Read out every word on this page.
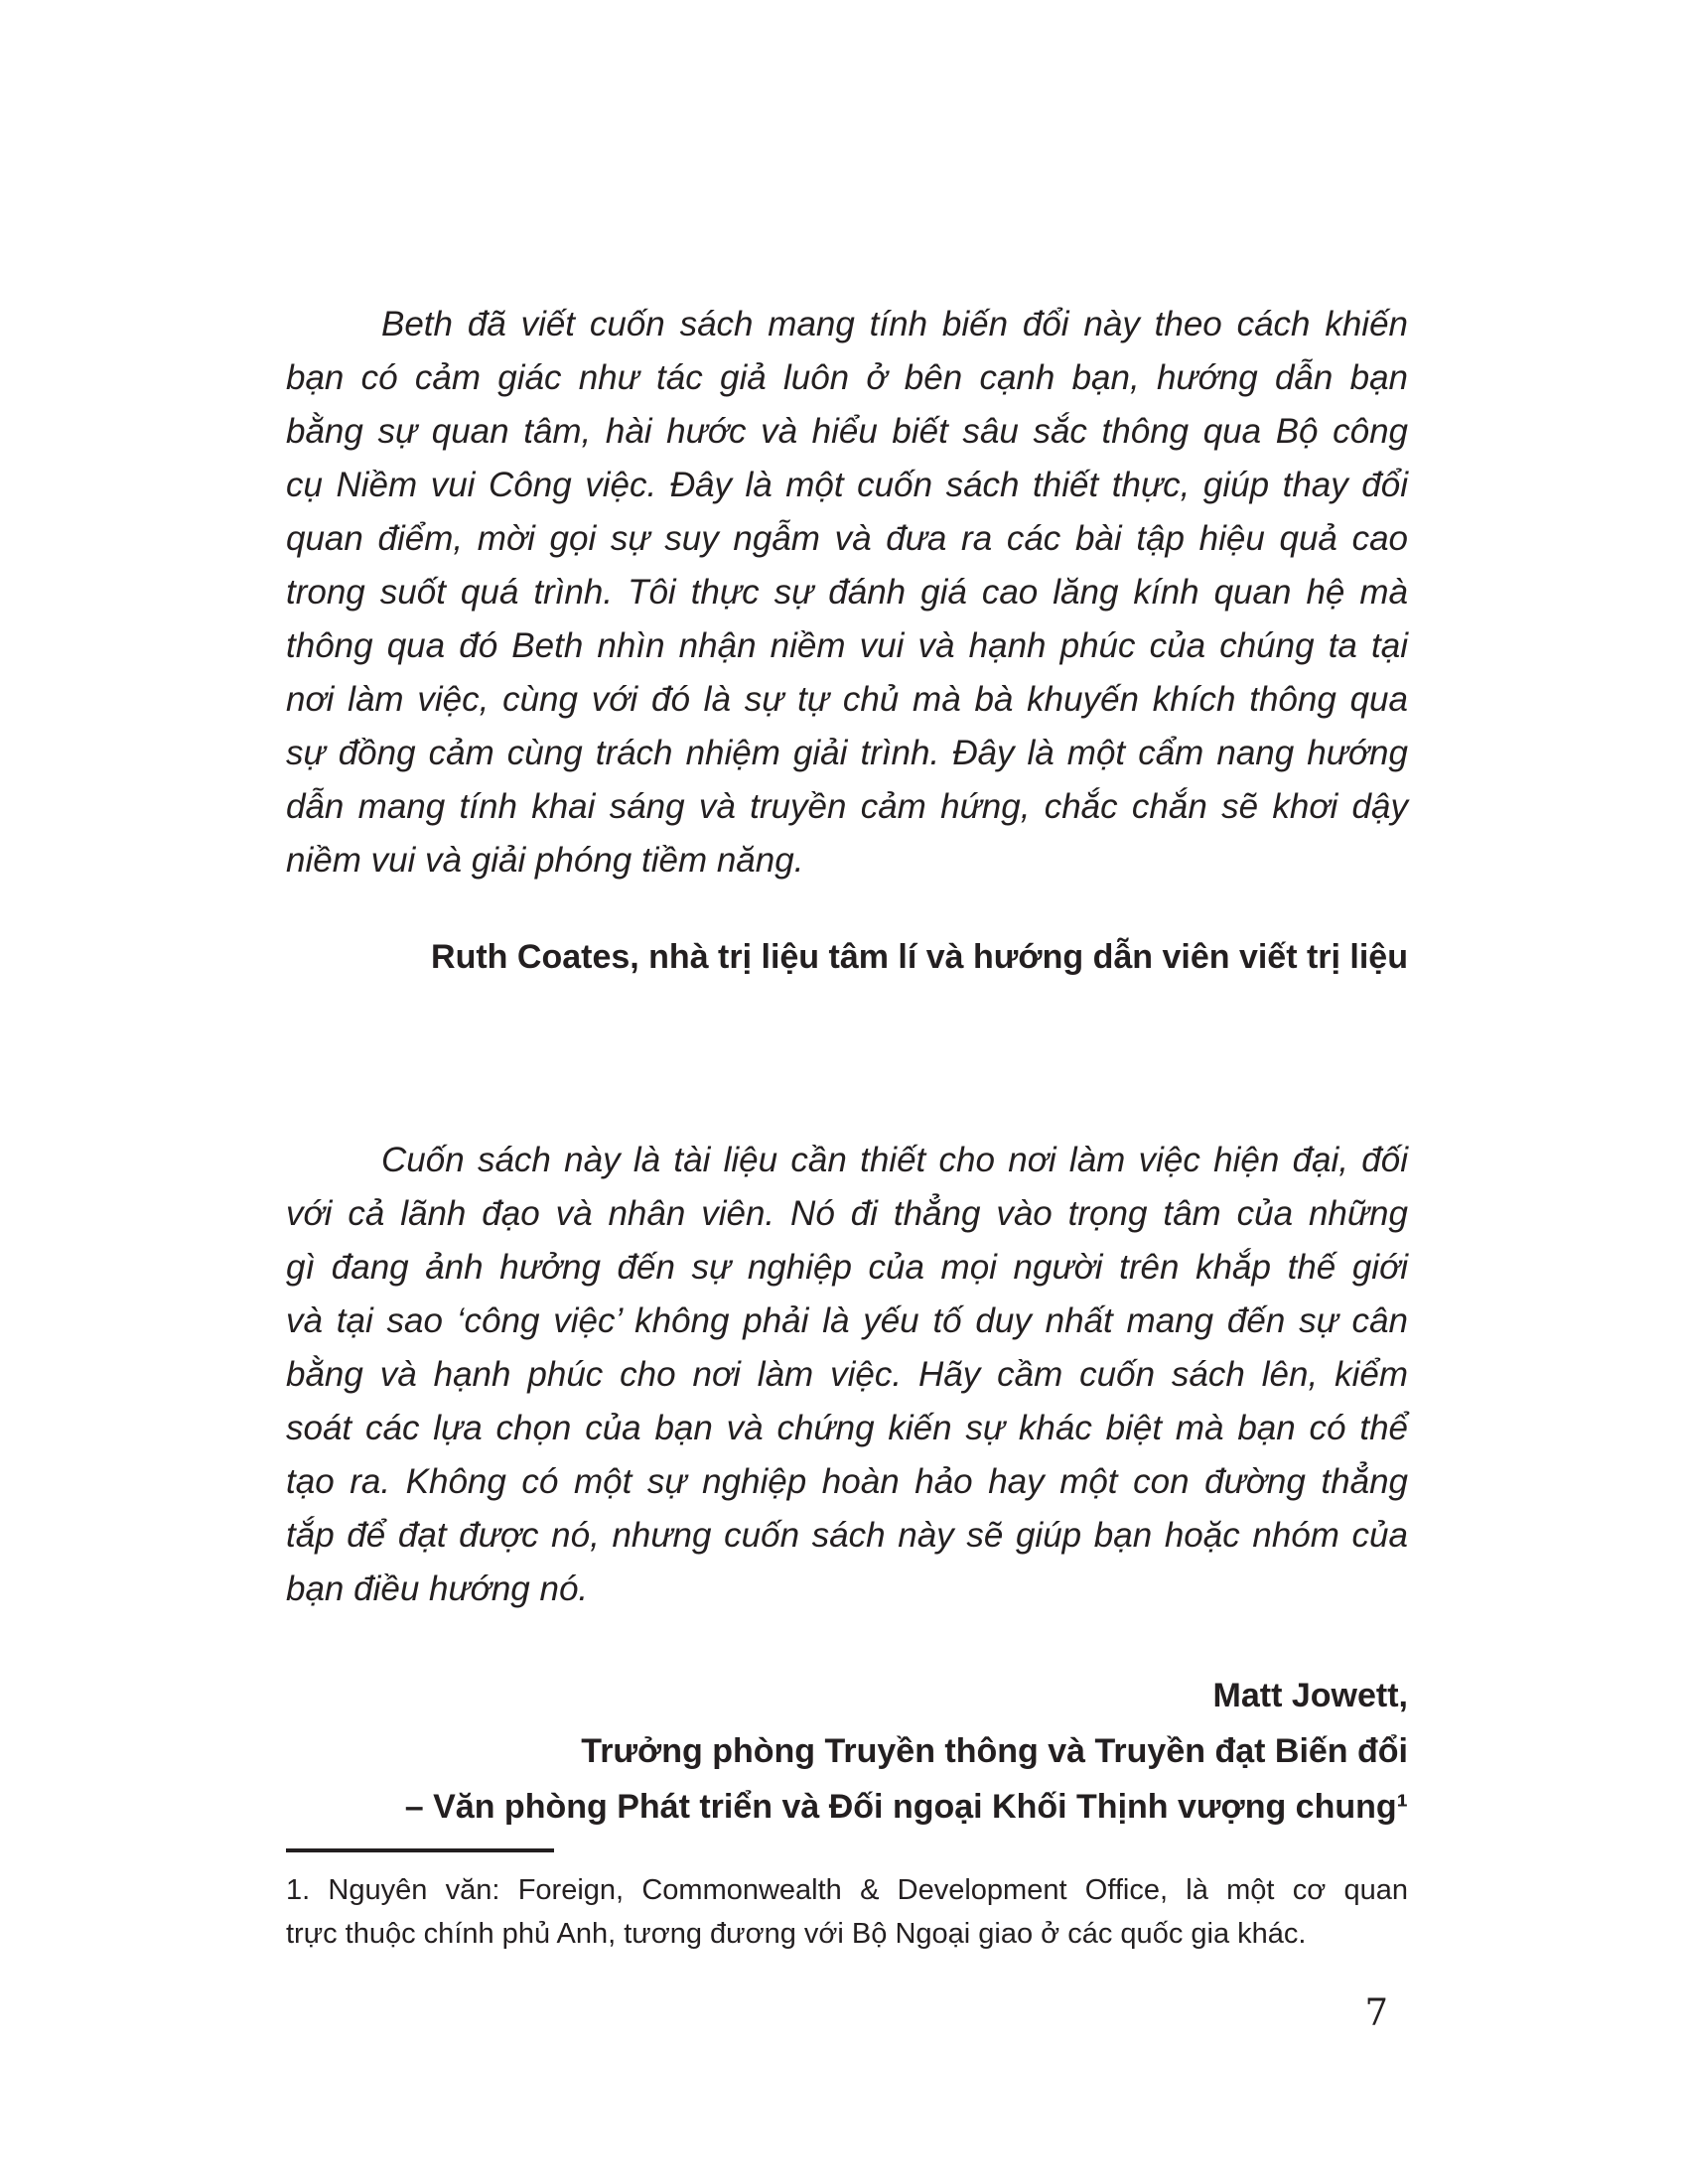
Beth đã viết cuốn sách mang tính biến đổi này theo cách khiến
bạn có cảm giác như tác giả luôn ở bên cạnh bạn, hướng dẫn bạn
bằng sự quan tâm, hài hước và hiểu biết sâu sắc thông qua Bộ công
cụ Niềm vui Công việc. Đây là một cuốn sách thiết thực, giúp thay đổi
quan điểm, mời gọi sự suy ngẫm và đưa ra các bài tập hiệu quả cao
trong suốt quá trình. Tôi thực sự đánh giá cao lăng kính quan hệ mà
thông qua đó Beth nhìn nhận niềm vui và hạnh phúc của chúng ta tại
nơi làm việc, cùng với đó là sự tự chủ mà bà khuyến khích thông qua
sự đồng cảm cùng trách nhiệm giải trình. Đây là một cẩm nang hướng
dẫn mang tính khai sáng và truyền cảm hứng, chắc chắn sẽ khơi dậy
niềm vui và giải phóng tiềm năng.
Ruth Coates, nhà trị liệu tâm lí và hướng dẫn viên viết trị liệu
Cuốn sách này là tài liệu cần thiết cho nơi làm việc hiện đại, đối
với cả lãnh đạo và nhân viên. Nó đi thẳng vào trọng tâm của những
gì đang ảnh hưởng đến sự nghiệp của mọi người trên khắp thế giới
và tại sao ‘công việc’ không phải là yếu tố duy nhất mang đến sự cân
bằng và hạnh phúc cho nơi làm việc. Hãy cầm cuốn sách lên, kiểm
soát các lựa chọn của bạn và chứng kiến sự khác biệt mà bạn có thể
tạo ra. Không có một sự nghiệp hoàn hảo hay một con đường thẳng
tắp để đạt được nó, nhưng cuốn sách này sẽ giúp bạn hoặc nhóm của
bạn điều hướng nó.
Matt Jowett,
Trưởng phòng Truyền thông và Truyền đạt Biến đổi
– Văn phòng Phát triển và Đối ngoại Khối Thịnh vượng chung¹
1. Nguyên văn: Foreign, Commonwealth & Development Office, là một cơ quan
trực thuộc chính phủ Anh, tương đương với Bộ Ngoại giao ở các quốc gia khác.
7
